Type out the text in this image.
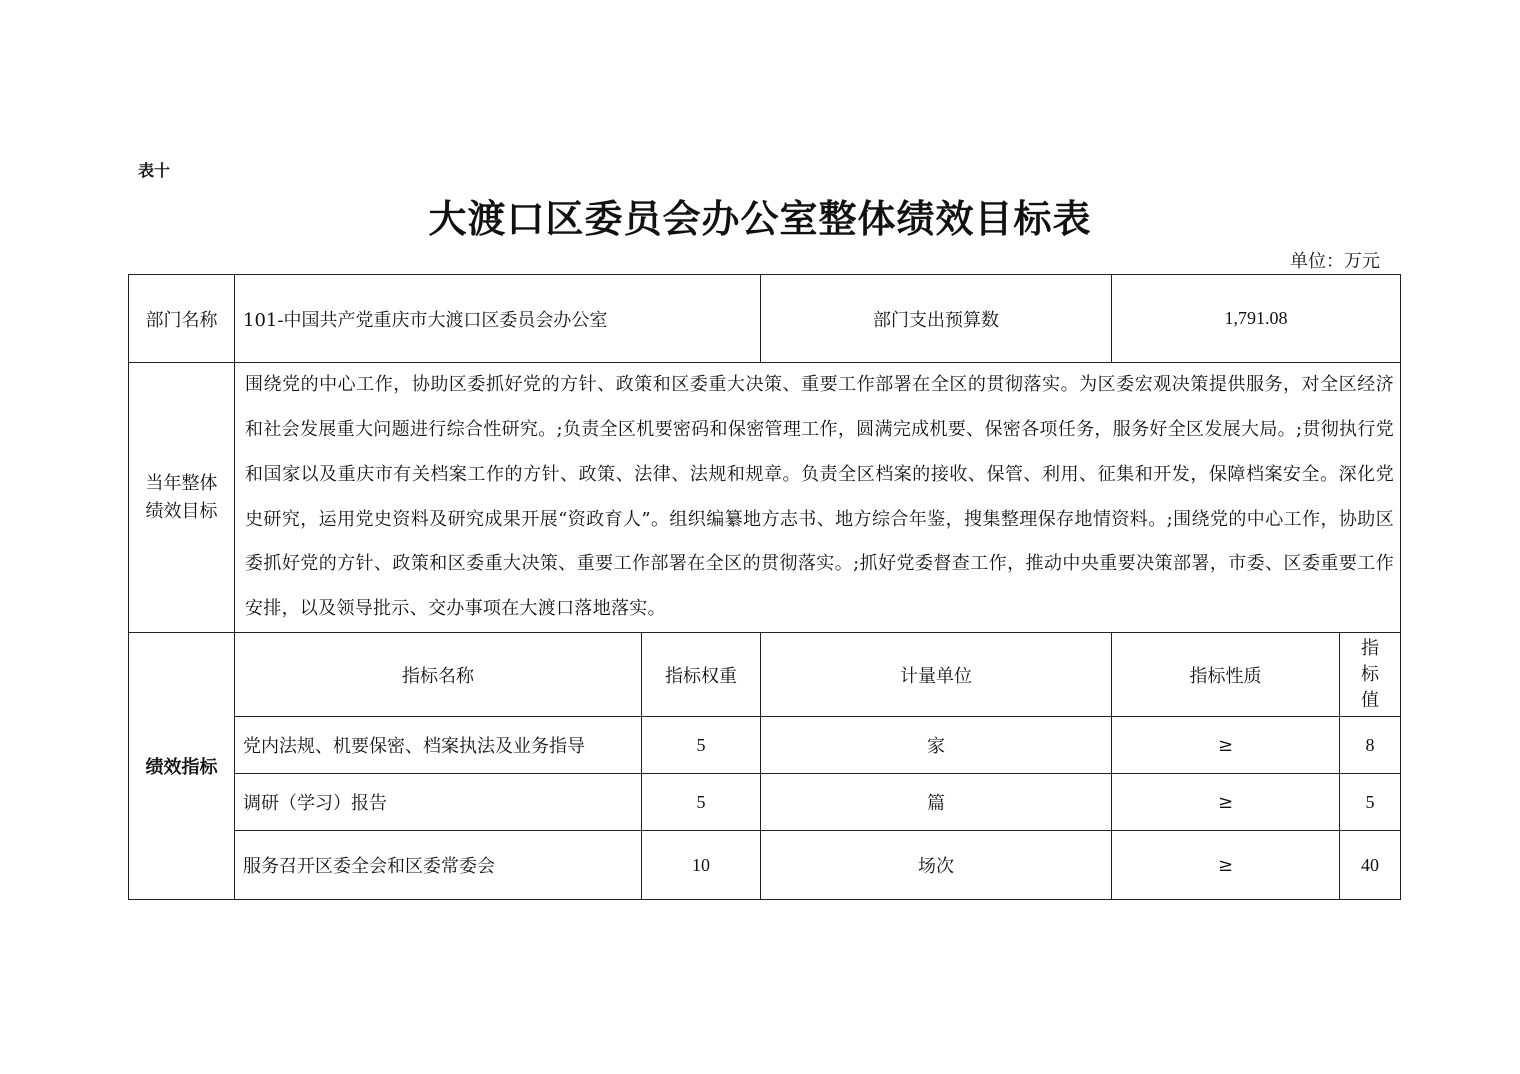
表十
大渡口区委员会办公室整体绩效目标表
单位：万元
部门名称	101-中国共产党重庆市大渡口区委员会办公室		部门支出预算数	1,791.08	
当年整体绩效目标	围绕党的中心工作，协助区委抓好党的方针、政策和区委重大决策、重要工作部署在全区的贯彻落实。为区委宏观决策提供服务，对全区经济和社会发展重大问题进行综合性研究。;负责全区机要密码和保密管理工作，圆满完成机要、保密各项任务，服务好全区发展大局。;贯彻执行党和国家以及重庆市有关档案工作的方针、政策、法律、法规和规章。负责全区档案的接收、保管、利用、征集和开发，保障档案安全。深化党史研究，运用党史资料及研究成果开展“资政育人”。组织编纂地方志书、地方综合年鉴，搜集整理保存地情资料。;围绕党的中心工作，协助区委抓好党的方针、政策和区委重大决策、重要工作部署在全区的贯彻落实。;抓好党委督查工作，推动中央重要决策部署，市委、区委重要工作安排，以及领导批示、交办事项在大渡口落地落实。				
绩效指标	指标名称	指标权重	计量单位	指标性质	指标值
	党内法规、机要保密、档案执法及业务指导	5	家	≥	8
	调研（学习）报告	5	篇	≥	5
	服务召开区委全会和区委常委会	10	场次	≥	40
